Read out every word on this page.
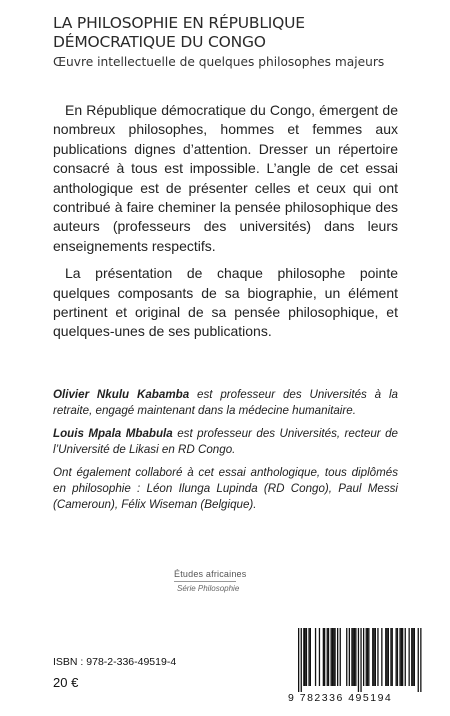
LA PHILOSOPHIE EN RÉPUBLIQUE
DÉMOCRATIQUE DU CONGO
Œuvre intellectuelle de quelques philosophes majeurs

En République démocratique du Congo, émergent de nombreux philosophes, hommes et femmes aux publications dignes d’attention. Dresser un répertoire consacré à tous est impossible. L’angle de cet essai anthologique est de présenter celles et ceux qui ont contribué à faire cheminer la pensée philosophique des auteurs (professeurs des universités) dans leurs enseignements respectifs.

La présentation de chaque philosophe pointe quelques composants de sa biographie, un élément pertinent et original de sa pensée philosophique, et quelques-unes de ses publications.

Olivier Nkulu Kabamba est professeur des Universités à la retraite, engagé maintenant dans la médecine humanitaire.

Louis Mpala Mbabula est professeur des Universités, recteur de l’Université de Likasi en RD Congo.

Ont également collaboré à cet essai anthologique, tous diplômés en philosophie : Léon Ilunga Lupinda (RD Congo), Paul Messi (Cameroun), Félix Wiseman (Belgique).

Études africaines
Série Philosophie
ISBN : 978-2-336-49519-4
20 €
9 782336 495194
